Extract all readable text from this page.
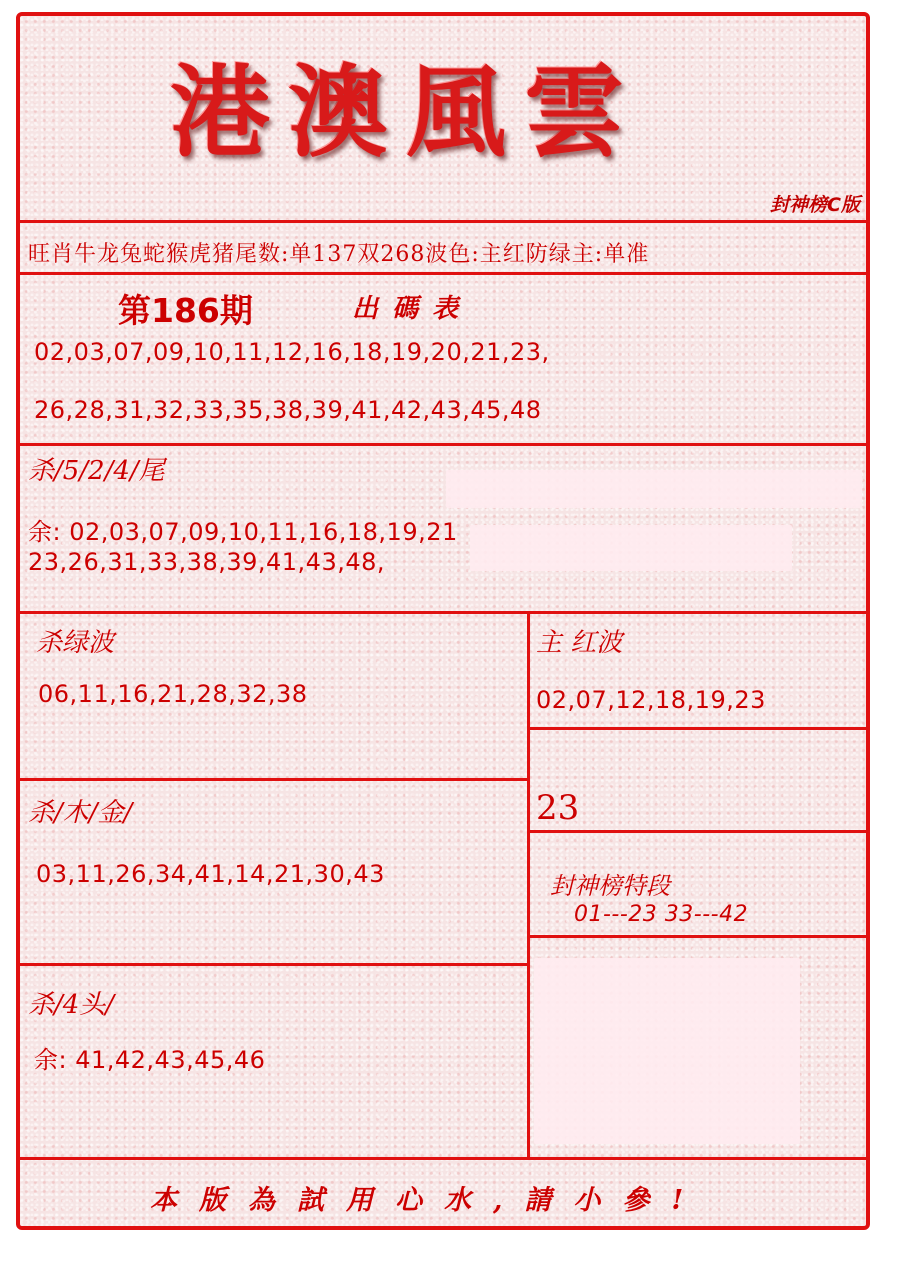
港澳風雲
封神榜C版
旺肖牛龙兔蛇猴虎猪尾数:单137双268波色:主红防绿主:单准
第186期	出碼表
02,03,07,09,10,11,12,16,18,19,20,21,23,
26,28,31,32,33,35,38,39,41,42,43,45,48
杀/5/2/4/尾
余: 02,03,07,09,10,11,16,18,19,21
23,26,31,33,38,39,41,43,48,
杀绿波
06,11,16,21,28,32,38
主 红波
02,07,12,18,19,23
杀/木/金/
03,11,26,34,41,14,21,30,43
23
封神榜特段
01---23 33---42
杀/4头/
余: 41,42,43,45,46
本版為試用心水,請小參!
